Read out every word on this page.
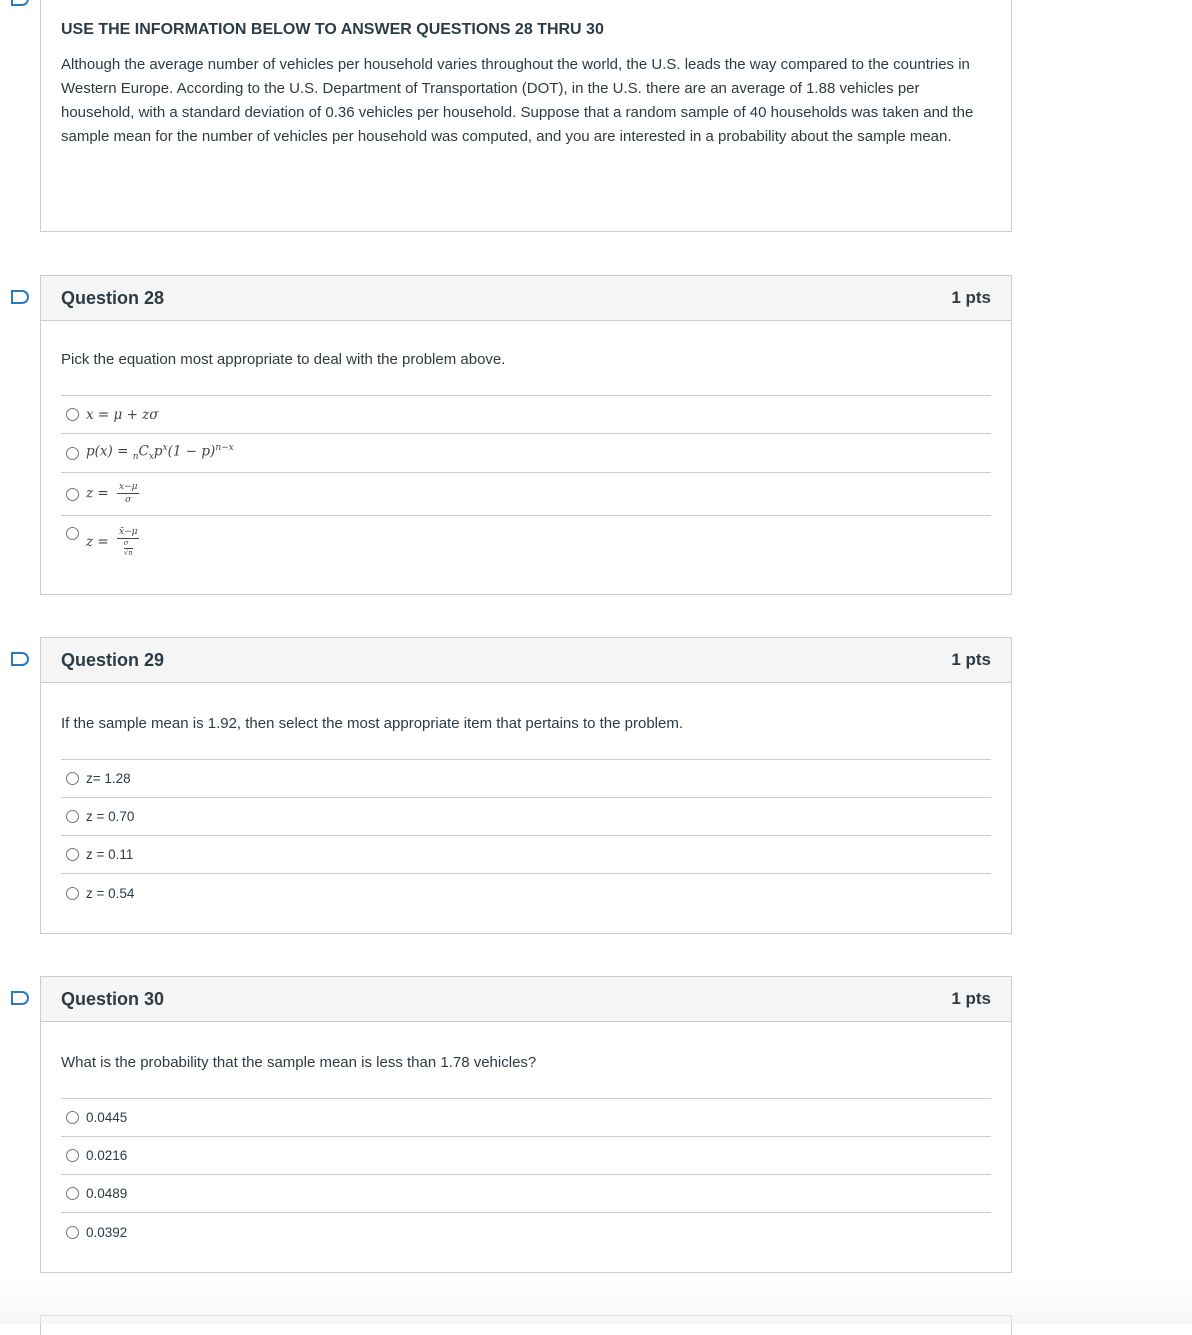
USE THE INFORMATION BELOW TO ANSWER QUESTIONS 28 THRU 30

Although the average number of vehicles per household varies throughout the world, the U.S. leads the way compared to the countries in Western Europe. According to the U.S. Department of Transportation (DOT), in the U.S. there are an average of 1.88 vehicles per household, with a standard deviation of 0.36 vehicles per household. Suppose that a random sample of 40 households was taken and the sample mean for the number of vehicles per household was computed, and you are interested in a probability about the sample mean.

Question 28	1 pts

Pick the equation most appropriate to deal with the problem above.

x = μ + zσ
$p(x) = _nC_xp^x(1 - p)^{n-x}$
$z = \frac{x-\mu}{\sigma}$
z = x̄−μ
σ
√n
Question 29	1 pts

If the sample mean is 1.92, then select the most appropriate item that pertains to the problem.

z= 1.28
z = 0.70
z = 0.11
z = 0.54
Question 30	1 pts

What is the probability that the sample mean is less than 1.78 vehicles?

0.0445
0.0216
0.0489
0.0392
